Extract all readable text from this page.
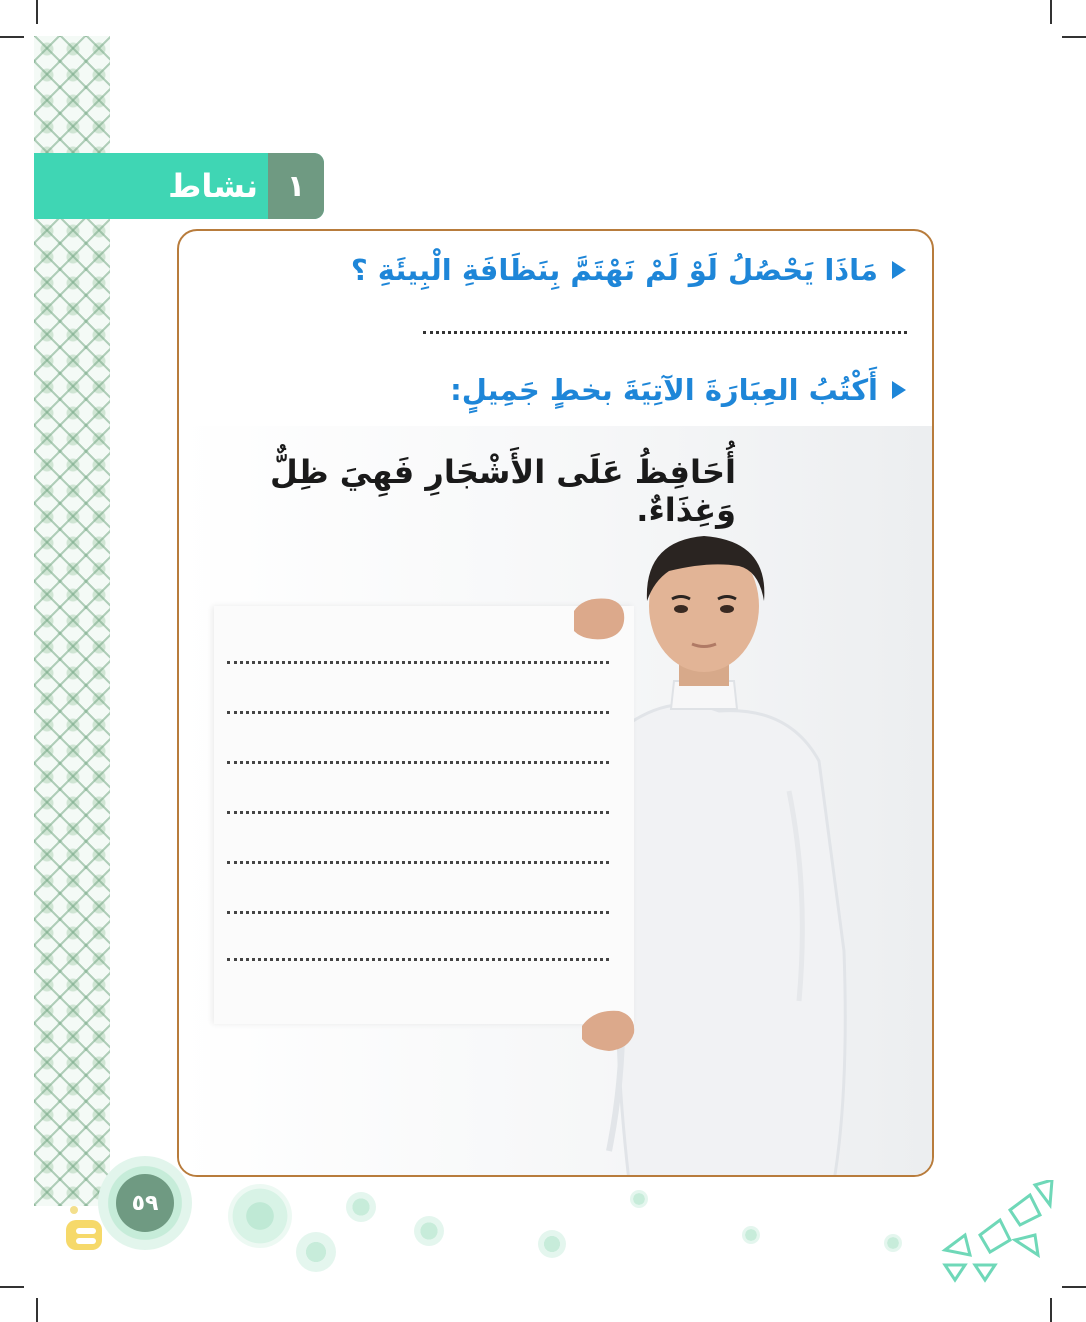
١
نشاط
مَاذَا يَحْصُلُ لَوْ لَمْ نَهْتَمَّ بِنَظَافَةِ الْبِيئَةِ ؟
أَكْتُبُ العِبَارَةَ الآتِيَةَ بخطٍ جَمِيلٍ:
أُحَافِظُ عَلَى الأَشْجَارِ فَهِيَ ظِلٌّ وَغِذَاءٌ.
٥٩
